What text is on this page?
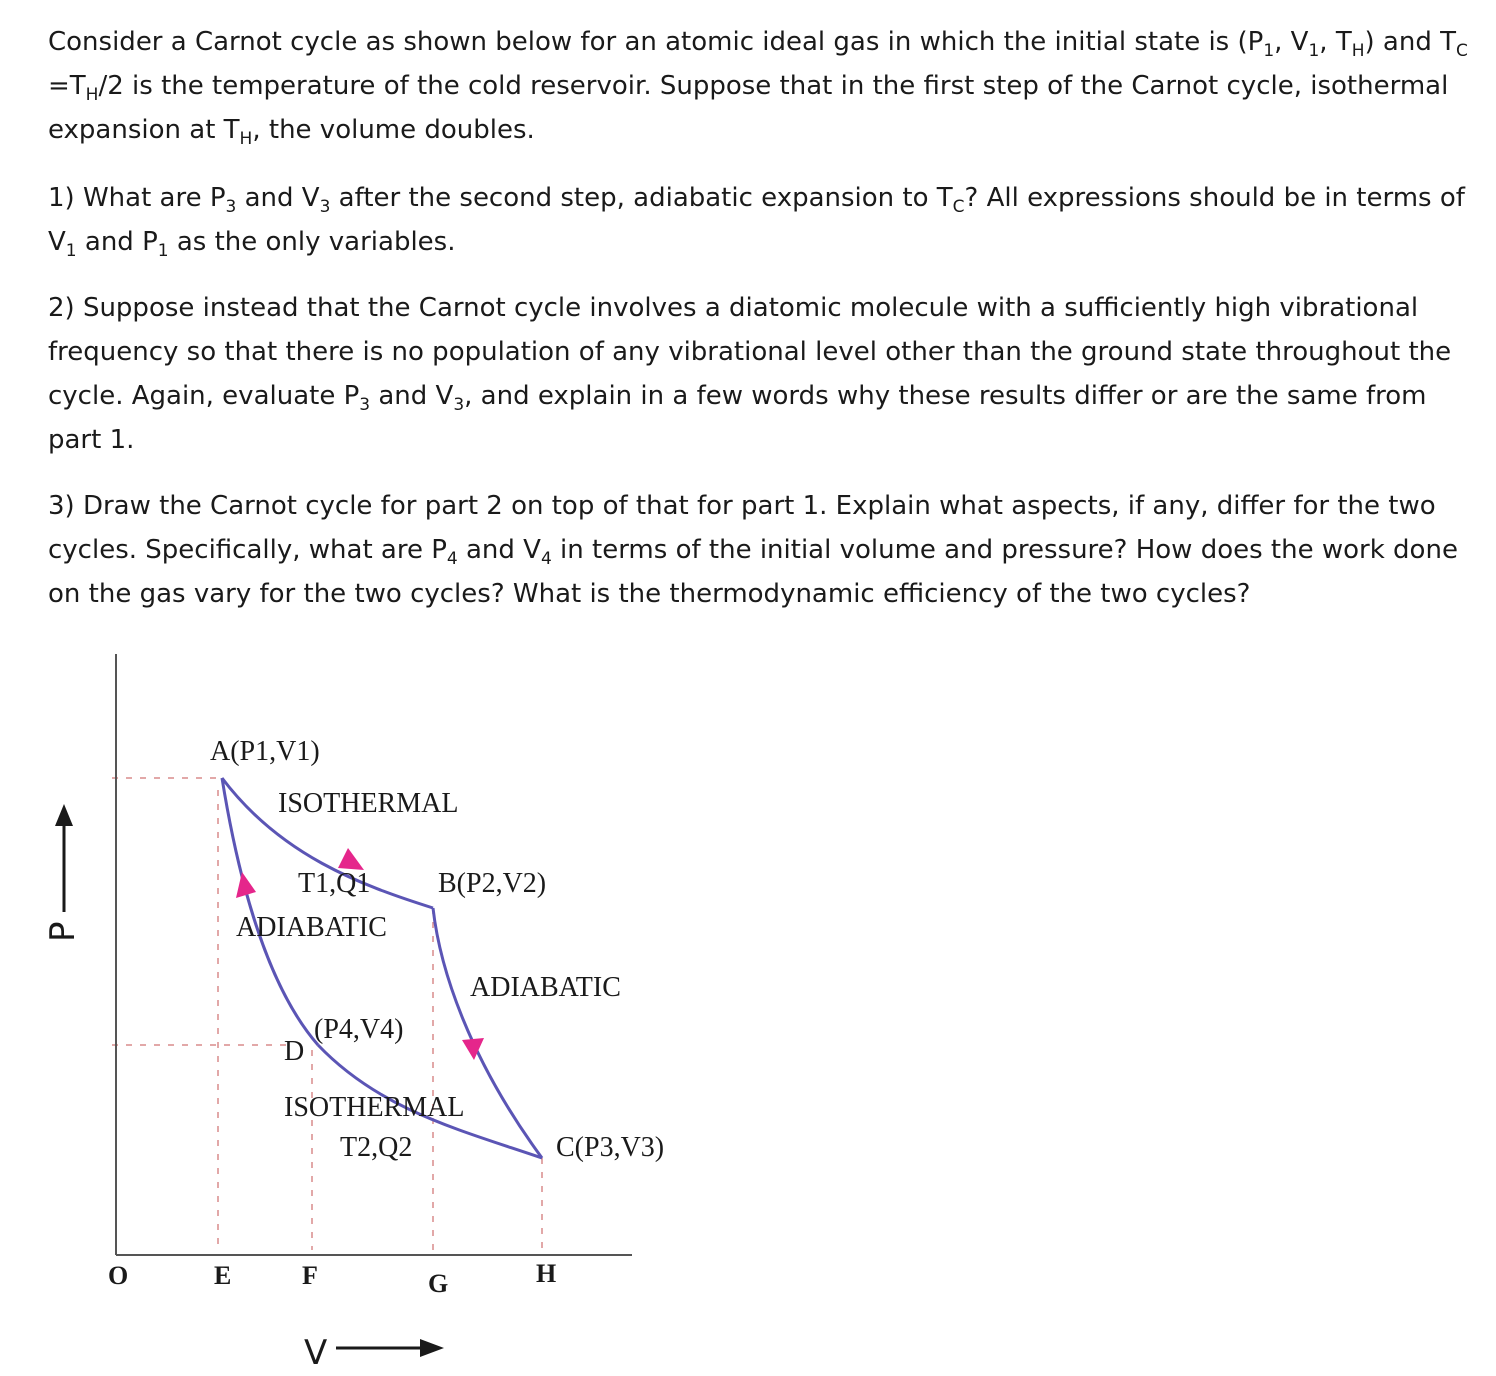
Consider a Carnot cycle as shown below for an atomic ideal gas in which the initial state is ($P_1$, $V_1$, $T_H$) and $T_C =T_H/2$ is the temperature of the cold reservoir. Suppose that in the first step of the Carnot cycle, isothermal expansion at $T_H$, the volume doubles.

1) What are $P_3$ and $V_3$ after the second step, adiabatic expansion to $T_C$? All expressions should be in terms of $V_1$ and $P_1$ as the only variables.

2) Suppose instead that the Carnot cycle involves a diatomic molecule with a sufficiently high vibrational frequency so that there is no population of any vibrational level other than the ground state throughout the cycle. Again, evaluate $P_3$ and $V_3$, and explain in a few words why these results differ or are the same from part 1.

3) Draw the Carnot cycle for part 2 on top of that for part 1. Explain what aspects, if any, differ for the two cycles. Specifically, what are $P_4$ and $V_4$ in terms of the initial volume and pressure? How does the work done on the gas vary for the two cycles? What is the thermodynamic efficiency of the two cycles?

A(P1,V1)
ISOTHERMAL
T1,Q1 B(P2,V2)
ADIABATIC
ADIABATIC
(P4,V4)
D
ISOTHERMAL
T2,Q2	C(P3,V3)
O	E	F	G	H
P
V
